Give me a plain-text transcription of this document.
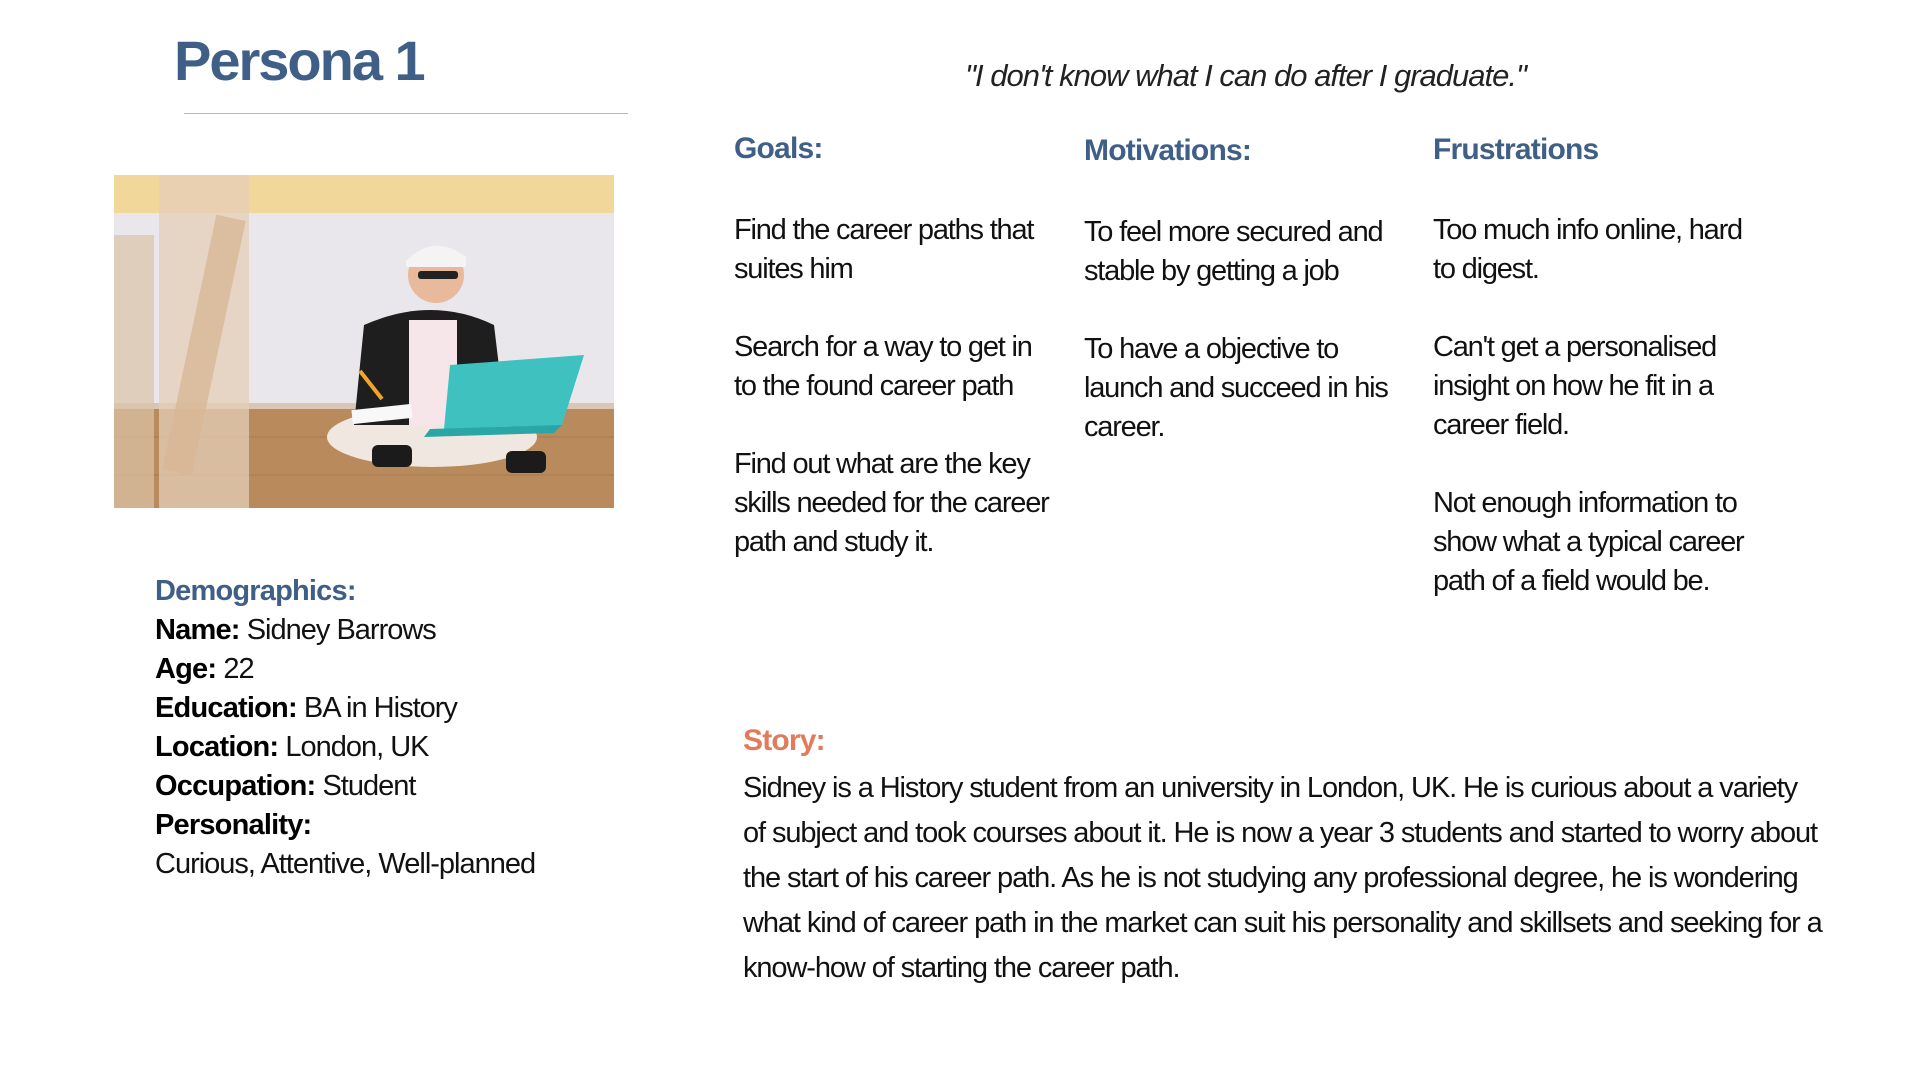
Persona 1	"I don't know what I can do after I graduate."
Goals:

Find the career paths that suites him

Search for a way to get in to the found career path

Find out what are the key skills needed for the career path and study it.

Motivations:

To feel more secured and stable by getting a job

To have a objective to launch and succeed in his career.

Frustrations

Too much info online, hard to digest.

Can't get a personalised insight on how he fit in a career field.

Not enough information to show what a typical career path of a field would be.

Demographics:
Name: Sidney Barrows
Age: 22
Education: BA in History
Location: London, UK
Occupation: Student
Personality:
Curious, Attentive, Well-planned
Story:
Sidney is a History student from an university in London, UK. He is curious about a variety of subject and took courses about it. He is now a year 3 students and started to worry about the start of his career path. As he is not studying any professional degree, he is wondering what kind of career path in the market can suit his personality and skillsets and seeking for a know-how of starting the career path.
